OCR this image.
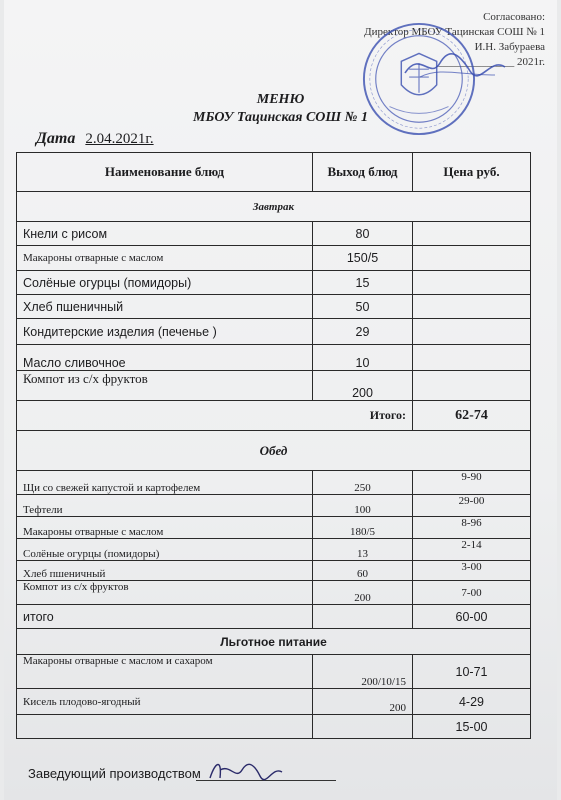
Согласовано:
Директор МБОУ Тацинская СОШ № 1
И.Н. Забураева
______________ 2021г.
МЕНЮ
МБОУ Тацинская СОШ № 1
Дата 2.04.2021г.
Наименование блюд	Выход блюд	Цена руб.
Завтрак		
Кнели с рисом	80	
Макароны отварные с маслом	150/5	
Солёные огурцы (помидоры)	15	
Хлеб пшеничный	50	
Кондитерские изделия (печенье )	29	
Масло сливочное	10	
Компот из с/х фруктов	200	
Итого:		62-74
Обед		
Щи со свежей капустой и картофелем	250	9-90
Тефтели	100	29-00
Макароны отварные с маслом	180/5	8-96
Солёные огурцы (помидоры)	13	2-14
Хлеб пшеничный	60	3-00
Компот из с/х фруктов	200	7-00
итого		60-00
Льготное питание		
Макароны отварные с маслом и сахаром	200/10/15	10-71
Кисель плодово-ягодный	200	4-29
		15-00
Заведующий производством
